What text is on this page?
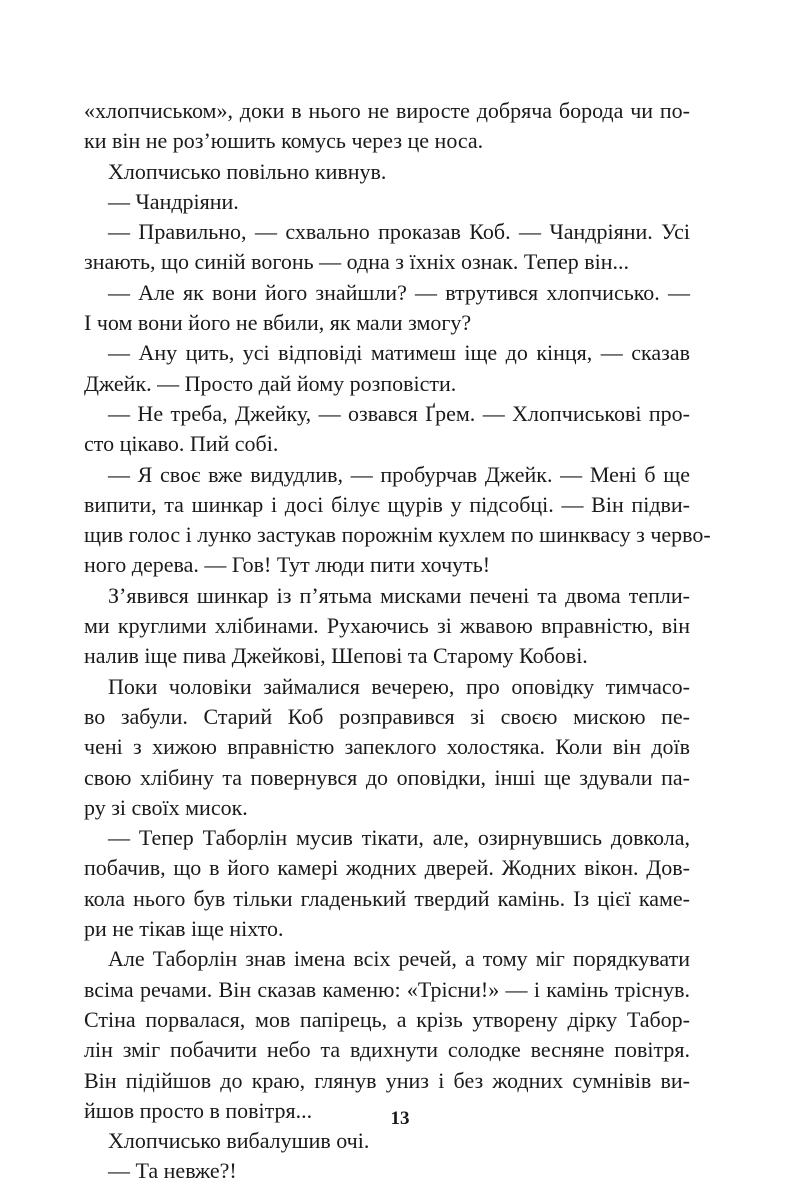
«хлопчиськом», доки в нього не виросте добряча борода чи по-
ки він не роз’юшить комусь через це носа.
Хлопчисько повільно кивнув.
— Чандріяни.
— Правильно, — схвально проказав Коб. — Чандріяни. Усі
знають, що синій вогонь — одна з їхніх ознак. Тепер він...
— Але як вони його знайшли? — втрутився хлопчисько. —
І чом вони його не вбили, як мали змогу?
— Ану цить, усі відповіді матимеш іще до кінця, — сказав
Джейк. — Просто дай йому розповісти.
— Не треба, Джейку, — озвався Ґрем. — Хлопчиськові про-
сто цікаво. Пий собі.
— Я своє вже видудлив, — пробурчав Джейк. — Мені б ще
випити, та шинкар і досі білує щурів у підсобці. — Він підви-
щив голос і лунко застукав порожнім кухлем по шинквасу з черво-
ного дерева. — Гов! Тут люди пити хочуть!
З’явився шинкар із п’ятьма мисками печені та двома тепли-
ми круглими хлібинами. Рухаючись зі жвавою вправністю, він
налив іще пива Джейкові, Шепові та Старому Кобові.
Поки чоловіки займалися вечерею, про оповідку тимчасо-
во забули. Старий Коб розправився зі своєю мискою пе-
чені з хижою вправністю запеклого холостяка. Коли він доїв
свою хлібину та повернувся до оповідки, інші ще здували па-
ру зі своїх мисок.
— Тепер Таборлін мусив тікати, але, озирнувшись довкола,
побачив, що в його камері жодних дверей. Жодних вікон. Дов-
кола нього був тільки гладенький твердий камінь. Із цієї каме-
ри не тікав іще ніхто.
Але Таборлін знав імена всіх речей, а тому міг порядкувати
всіма речами. Він сказав каменю: «Трісни!» — і камінь тріснув.
Стіна порвалася, мов папірець, а крізь утворену дірку Табор-
лін зміг побачити небо та вдихнути солодке весняне повітря.
Він підійшов до краю, глянув униз і без жодних сумнівів ви-
йшов просто в повітря...
Хлопчисько вибалушив очі.
— Та невже?!
13
